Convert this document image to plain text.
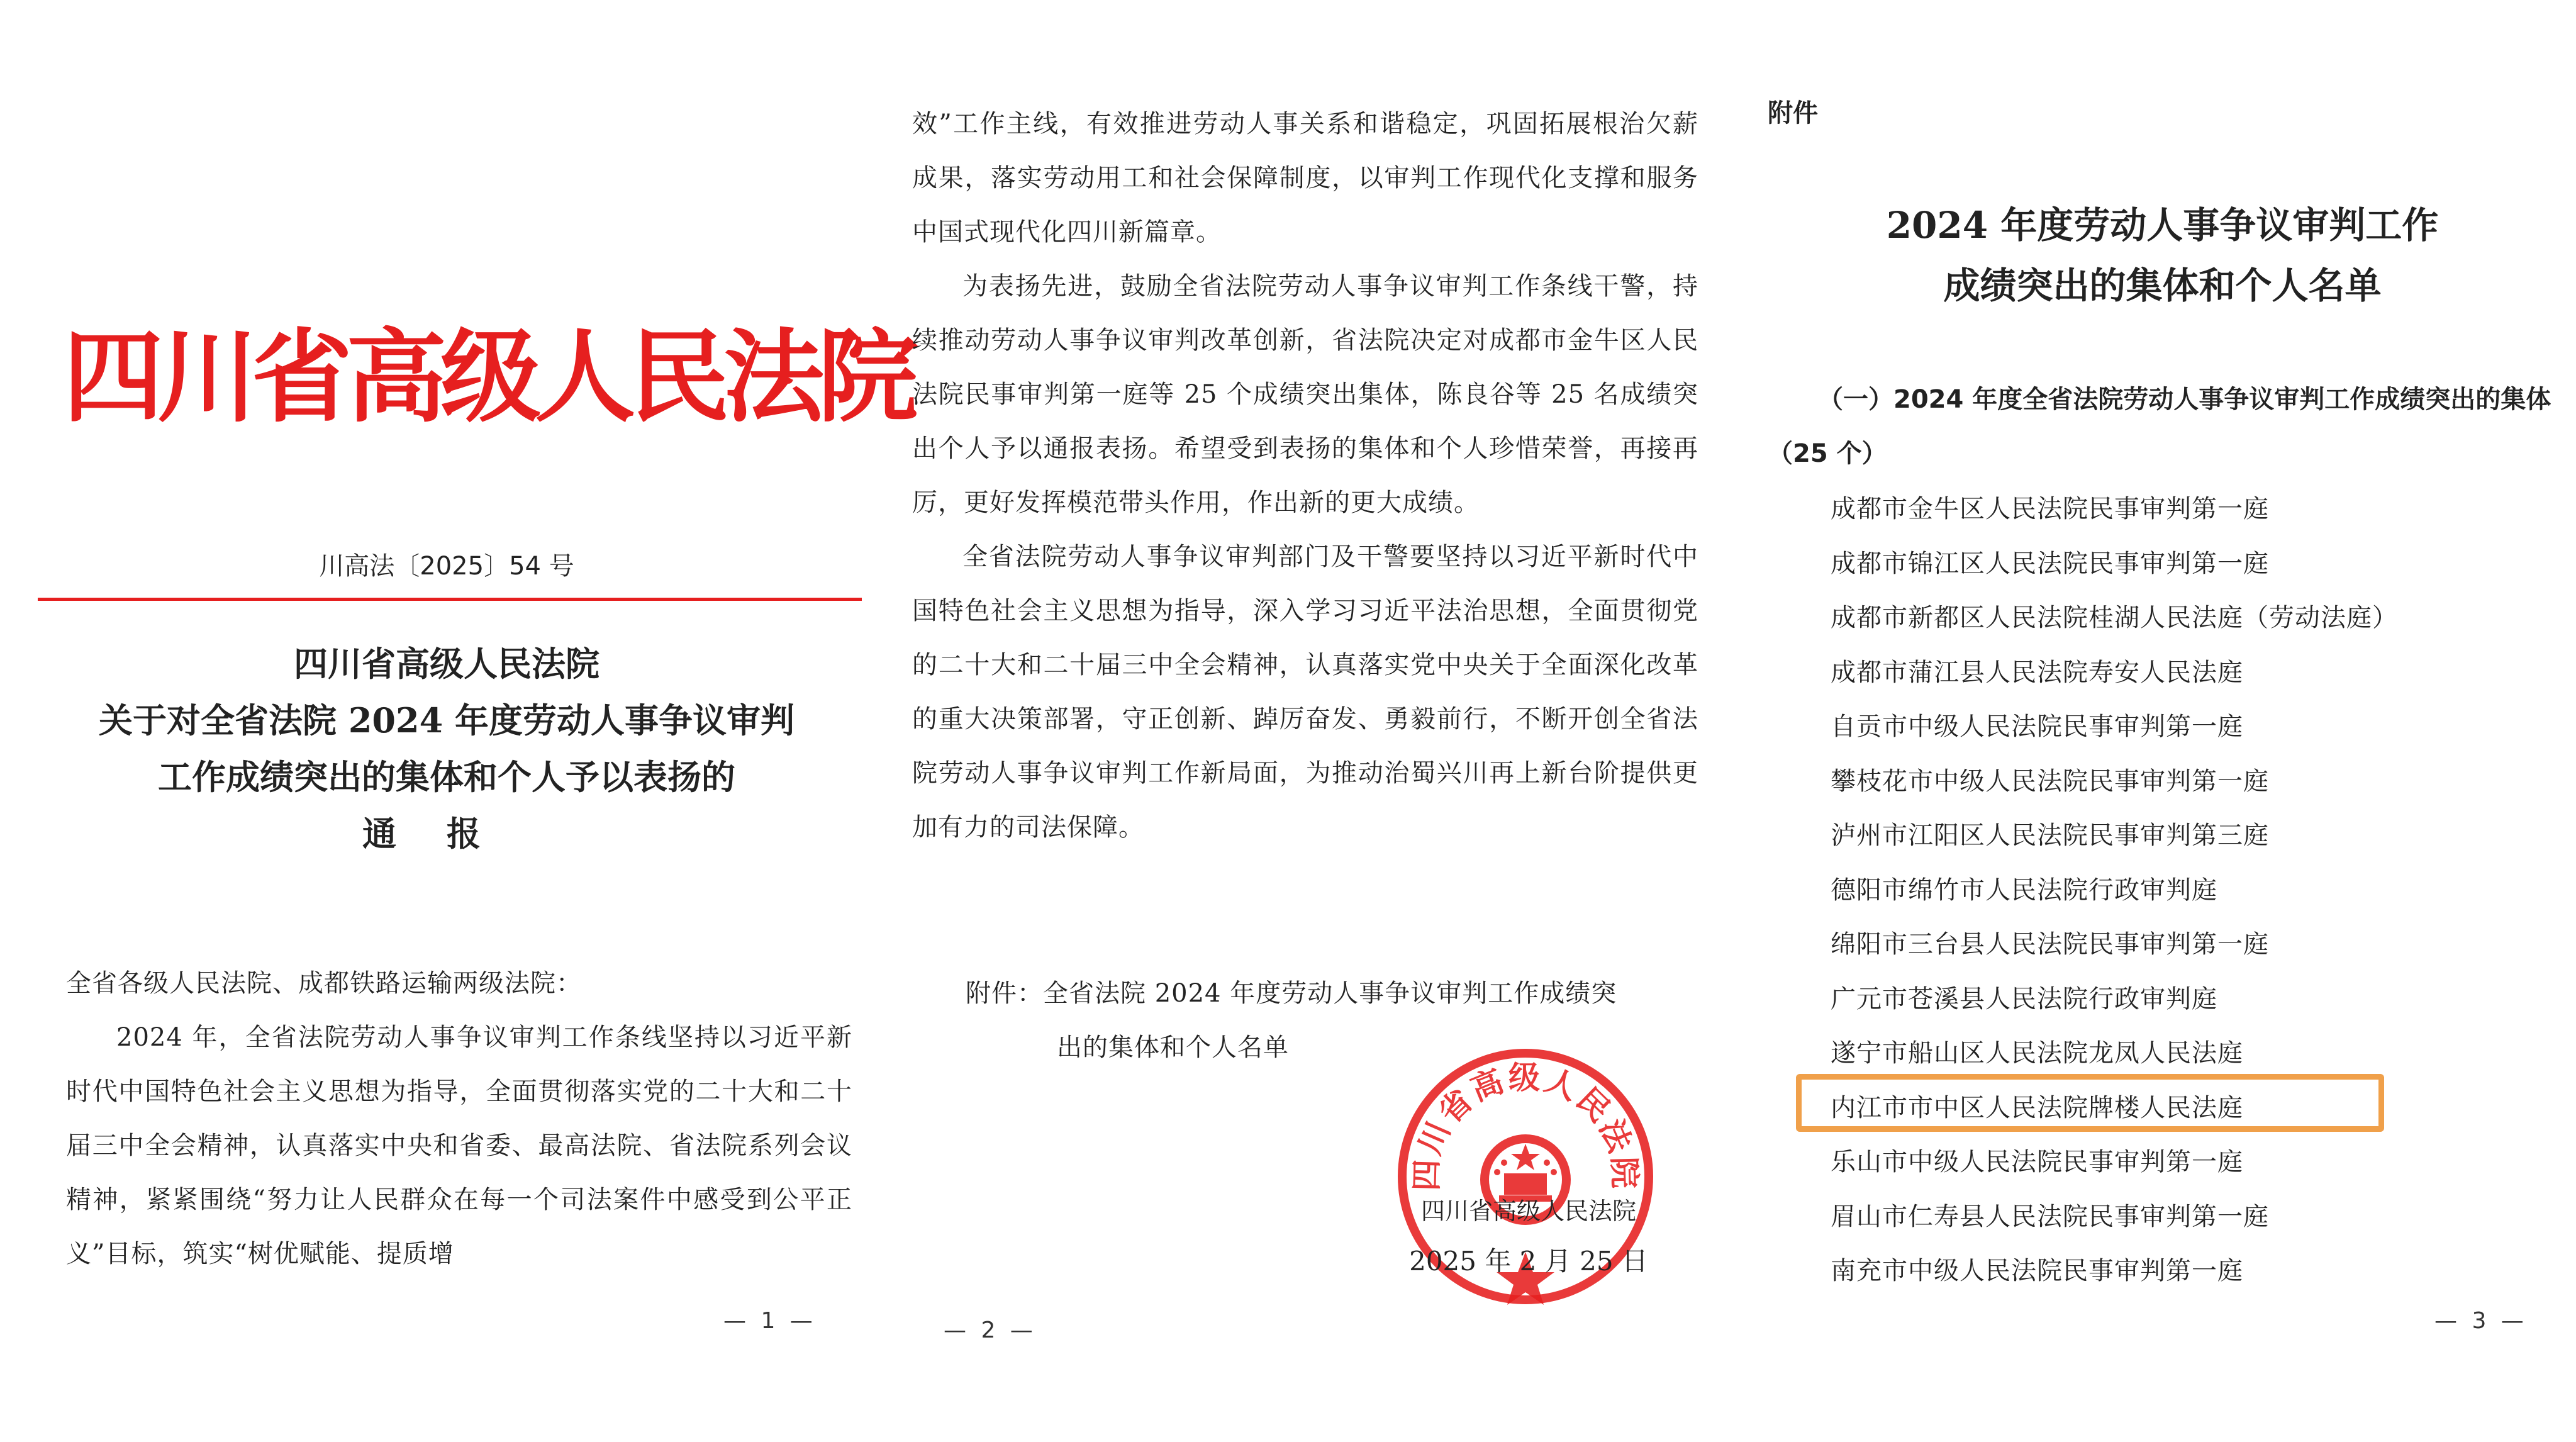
四川省高级人民法院
川高法〔2025〕54 号
四川省高级人民法院
关于对全省法院 2024 年度劳动人事争议审判
工作成绩突出的集体和个人予以表扬的
通报

全省各级人民法院、成都铁路运输两级法院：

2024 年，全省法院劳动人事争议审判工作条线坚持以习近平新时代中国特色社会主义思想为指导，全面贯彻落实党的二十大和二十届三中全会精神，认真落实中央和省委、最高法院、省法院系列会议精神，紧紧围绕“努力让人民群众在每一个司法案件中感受到公平正义”目标，筑实“树优赋能、提质增

— 1 —

效”工作主线，有效推进劳动人事关系和谐稳定，巩固拓展根治欠薪成果，落实劳动用工和社会保障制度，以审判工作现代化支撑和服务中国式现代化四川新篇章。

为表扬先进，鼓励全省法院劳动人事争议审判工作条线干警，持续推动劳动人事争议审判改革创新，省法院决定对成都市金牛区人民法院民事审判第一庭等 25 个成绩突出集体，陈良谷等 25 名成绩突出个人予以通报表扬。希望受到表扬的集体和个人珍惜荣誉，再接再厉，更好发挥模范带头作用，作出新的更大成绩。

全省法院劳动人事争议审判部门及干警要坚持以习近平新时代中国特色社会主义思想为指导，深入学习习近平法治思想，全面贯彻党的二十大和二十届三中全会精神，认真落实党中央关于全面深化改革的重大决策部署，守正创新、踔厉奋发、勇毅前行，不断开创全省法院劳动人事争议审判工作新局面，为推动治蜀兴川再上新台阶提供更加有力的司法保障。

附件：全省法院 2024 年度劳动人事争议审判工作成绩突

出的集体和个人名单

四川省高级人民法院
四川省高级人民法院
2025 年 2 月 25 日
— 2 —
附件
2024 年度劳动人事争议审判工作
成绩突出的集体和个人名单
（一）2024 年度全省法院劳动人事争议审判工作成绩突出的集体（25 个）
成都市金牛区人民法院民事审判第一庭
成都市锦江区人民法院民事审判第一庭
成都市新都区人民法院桂湖人民法庭（劳动法庭）
成都市蒲江县人民法院寿安人民法庭
自贡市中级人民法院民事审判第一庭
攀枝花市中级人民法院民事审判第一庭
泸州市江阳区人民法院民事审判第三庭
德阳市绵竹市人民法院行政审判庭
绵阳市三台县人民法院民事审判第一庭
广元市苍溪县人民法院行政审判庭
遂宁市船山区人民法院龙凤人民法庭
内江市市中区人民法院牌楼人民法庭
乐山市中级人民法院民事审判第一庭
眉山市仁寿县人民法院民事审判第一庭
南充市中级人民法院民事审判第一庭
— 3 —
